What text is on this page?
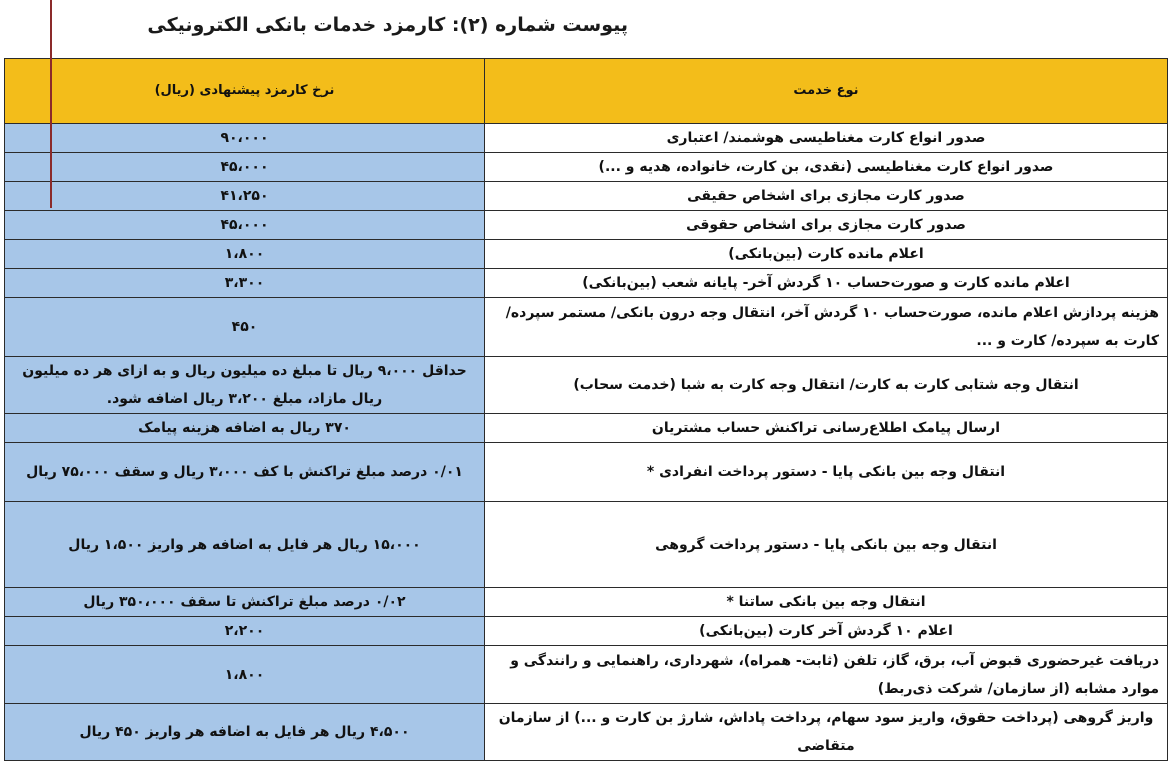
پیوست شماره (۲): کارمزد خدمات بانکی الکترونیکی
نوع خدمت	نرخ کارمزد پیشنهادی (ریال)
صدور انواع کارت مغناطیسی هوشمند/ اعتباری	۹۰،۰۰۰
صدور انواع کارت مغناطیسی (نقدی، بن کارت، خانواده، هدیه و ...)	۴۵،۰۰۰
صدور کارت مجازی برای اشخاص حقیقی	۴۱،۲۵۰
صدور کارت مجازی برای اشخاص حقوقی	۴۵،۰۰۰
اعلام مانده کارت (بین‌بانکی)	۱،۸۰۰
اعلام مانده کارت و صورت‌حساب ۱۰ گردش آخر- پایانه شعب (بین‌بانکی)	۳،۳۰۰
هزینه پردازش اعلام مانده، صورت‌حساب ۱۰ گردش آخر، انتقال وجه درون بانکی/ مستمر سپرده/ کارت به سپرده/ کارت و ...	۴۵۰
انتقال وجه شتابی کارت به کارت/ انتقال وجه کارت به شبا (خدمت سحاب)	حداقل ۹،۰۰۰ ریال تا مبلغ ده میلیون ریال و به ازای هر ده میلیون ریال مازاد، مبلغ ۳،۲۰۰ ریال اضافه شود.
ارسال پیامک اطلاع‌رسانی تراکنش حساب مشتریان	۳۷۰ ریال به اضافه هزینه پیامک
انتقال وجه بین بانکی پایا - دستور پرداخت انفرادی *	۰/۰۱ درصد مبلغ تراکنش با کف ۳،۰۰۰ ریال و سقف ۷۵،۰۰۰ ریال
انتقال وجه بین بانکی پایا - دستور پرداخت گروهی	۱۵،۰۰۰ ریال هر فایل به اضافه هر واریز ۱،۵۰۰ ریال
انتقال وجه بین بانکی ساتنا *	۰/۰۲ درصد مبلغ تراکنش تا سقف ۳۵۰،۰۰۰ ریال
اعلام ۱۰ گردش آخر کارت (بین‌بانکی)	۲،۲۰۰
دریافت غیرحضوری قبوض آب، برق، گاز، تلفن (ثابت- همراه)، شهرداری، راهنمایی و رانندگی و موارد مشابه (از سازمان/ شرکت ذی‌ربط)	۱،۸۰۰
واریز گروهی (پرداخت حقوق، واریز سود سهام، پرداخت پاداش، شارژ بن کارت و ...) از سازمان متقاضی	۴،۵۰۰ ریال هر فایل به اضافه هر واریز ۴۵۰ ریال
